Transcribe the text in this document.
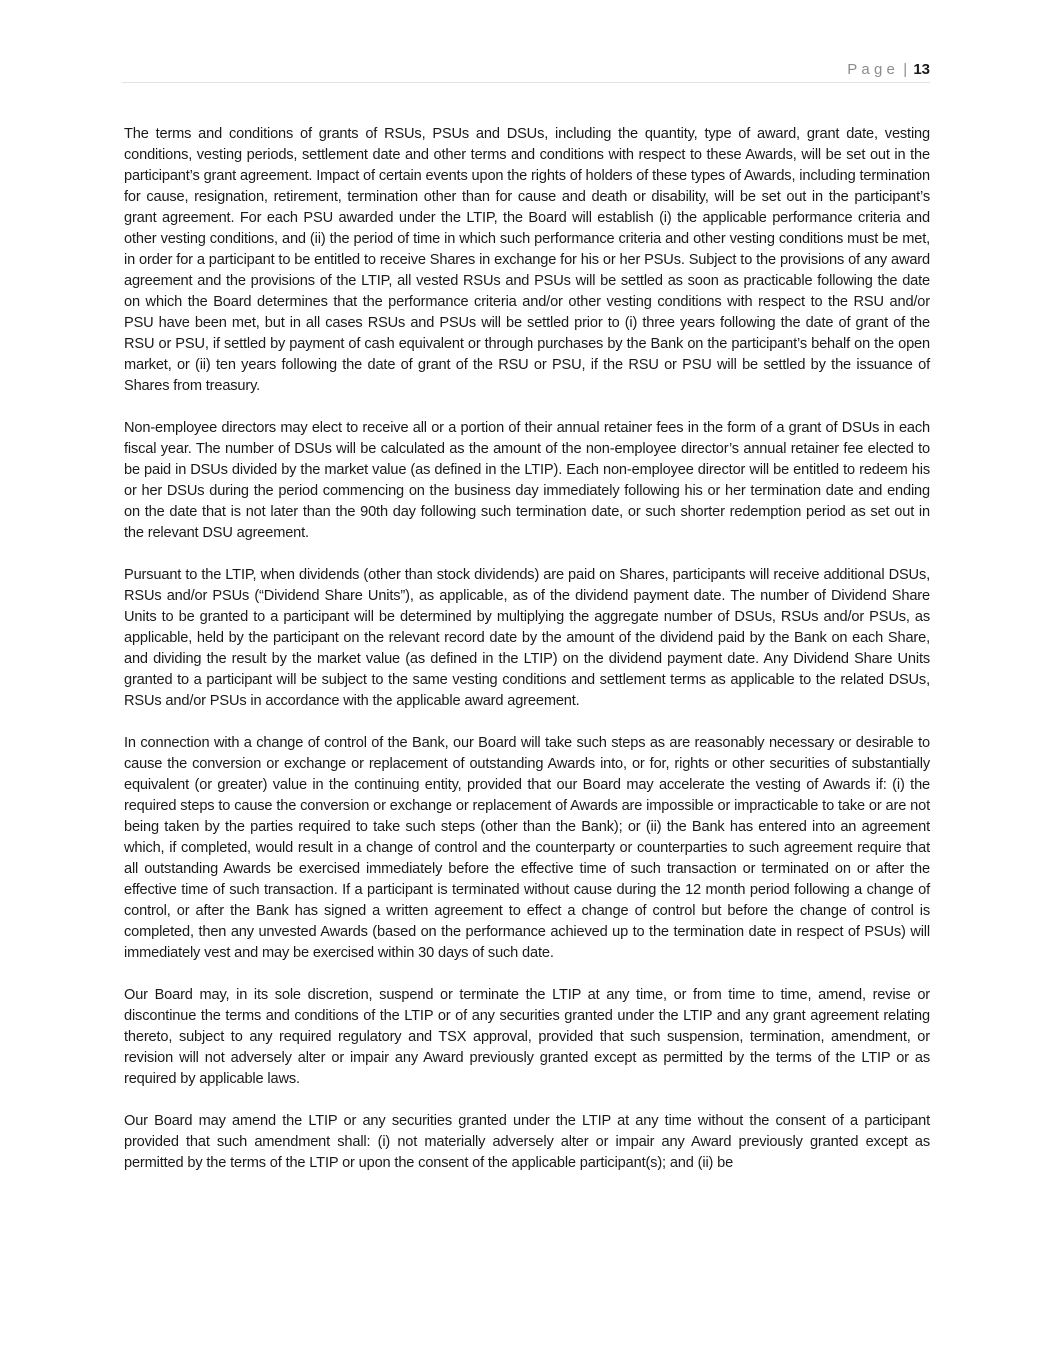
Page | 13

The terms and conditions of grants of RSUs, PSUs and DSUs, including the quantity, type of award, grant date, vesting conditions, vesting periods, settlement date and other terms and conditions with respect to these Awards, will be set out in the participant’s grant agreement. Impact of certain events upon the rights of holders of these types of Awards, including termination for cause, resignation, retirement, termination other than for cause and death or disability, will be set out in the participant’s grant agreement. For each PSU awarded under the LTIP, the Board will establish (i) the applicable performance criteria and other vesting conditions, and (ii) the period of time in which such performance criteria and other vesting conditions must be met, in order for a participant to be entitled to receive Shares in exchange for his or her PSUs. Subject to the provisions of any award agreement and the provisions of the LTIP, all vested RSUs and PSUs will be settled as soon as practicable following the date on which the Board determines that the performance criteria and/or other vesting conditions with respect to the RSU and/or PSU have been met, but in all cases RSUs and PSUs will be settled prior to (i) three years following the date of grant of the RSU or PSU, if settled by payment of cash equivalent or through purchases by the Bank on the participant’s behalf on the open market, or (ii) ten years following the date of grant of the RSU or PSU, if the RSU or PSU will be settled by the issuance of Shares from treasury.

Non-employee directors may elect to receive all or a portion of their annual retainer fees in the form of a grant of DSUs in each fiscal year. The number of DSUs will be calculated as the amount of the non-employee director’s annual retainer fee elected to be paid in DSUs divided by the market value (as defined in the LTIP). Each non-employee director will be entitled to redeem his or her DSUs during the period commencing on the business day immediately following his or her termination date and ending on the date that is not later than the 90th day following such termination date, or such shorter redemption period as set out in the relevant DSU agreement.

Pursuant to the LTIP, when dividends (other than stock dividends) are paid on Shares, participants will receive additional DSUs, RSUs and/or PSUs (“Dividend Share Units”), as applicable, as of the dividend payment date. The number of Dividend Share Units to be granted to a participant will be determined by multiplying the aggregate number of DSUs, RSUs and/or PSUs, as applicable, held by the participant on the relevant record date by the amount of the dividend paid by the Bank on each Share, and dividing the result by the market value (as defined in the LTIP) on the dividend payment date. Any Dividend Share Units granted to a participant will be subject to the same vesting conditions and settlement terms as applicable to the related DSUs, RSUs and/or PSUs in accordance with the applicable award agreement.

In connection with a change of control of the Bank, our Board will take such steps as are reasonably necessary or desirable to cause the conversion or exchange or replacement of outstanding Awards into, or for, rights or other securities of substantially equivalent (or greater) value in the continuing entity, provided that our Board may accelerate the vesting of Awards if: (i) the required steps to cause the conversion or exchange or replacement of Awards are impossible or impracticable to take or are not being taken by the parties required to take such steps (other than the Bank); or (ii) the Bank has entered into an agreement which, if completed, would result in a change of control and the counterparty or counterparties to such agreement require that all outstanding Awards be exercised immediately before the effective time of such transaction or terminated on or after the effective time of such transaction. If a participant is terminated without cause during the 12 month period following a change of control, or after the Bank has signed a written agreement to effect a change of control but before the change of control is completed, then any unvested Awards (based on the performance achieved up to the termination date in respect of PSUs) will immediately vest and may be exercised within 30 days of such date.

Our Board may, in its sole discretion, suspend or terminate the LTIP at any time, or from time to time, amend, revise or discontinue the terms and conditions of the LTIP or of any securities granted under the LTIP and any grant agreement relating thereto, subject to any required regulatory and TSX approval, provided that such suspension, termination, amendment, or revision will not adversely alter or impair any Award previously granted except as permitted by the terms of the LTIP or as required by applicable laws.

Our Board may amend the LTIP or any securities granted under the LTIP at any time without the consent of a participant provided that such amendment shall: (i) not materially adversely alter or impair any Award previously granted except as permitted by the terms of the LTIP or upon the consent of the applicable participant(s); and (ii) be
